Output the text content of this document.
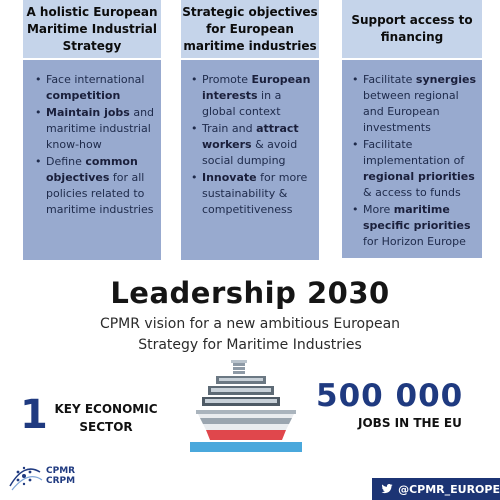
A holistic European Maritime Industrial Strategy
• Face international competition
• Maintain jobs and maritime industrial know-how
• Define common objectives for all policies related to maritime industries
Strategic objectives for European maritime industries
• Promote European interests in a global context
• Train and attract workers & avoid social dumping
• Innovate for more sustainability & competitiveness
Support access to financing
• Facilitate synergies between regional and European investments
• Facilitate implementation of regional priorities & access to funds
• More maritime specific priorities for Horizon Europe
Leadership 2030
CPMR vision for a new ambitious European Strategy for Maritime Industries
1 KEY ECONOMIC SECTOR
500 000
JOBS IN THE EU
CPMR
CRPM
@CPMR_EUROPE
